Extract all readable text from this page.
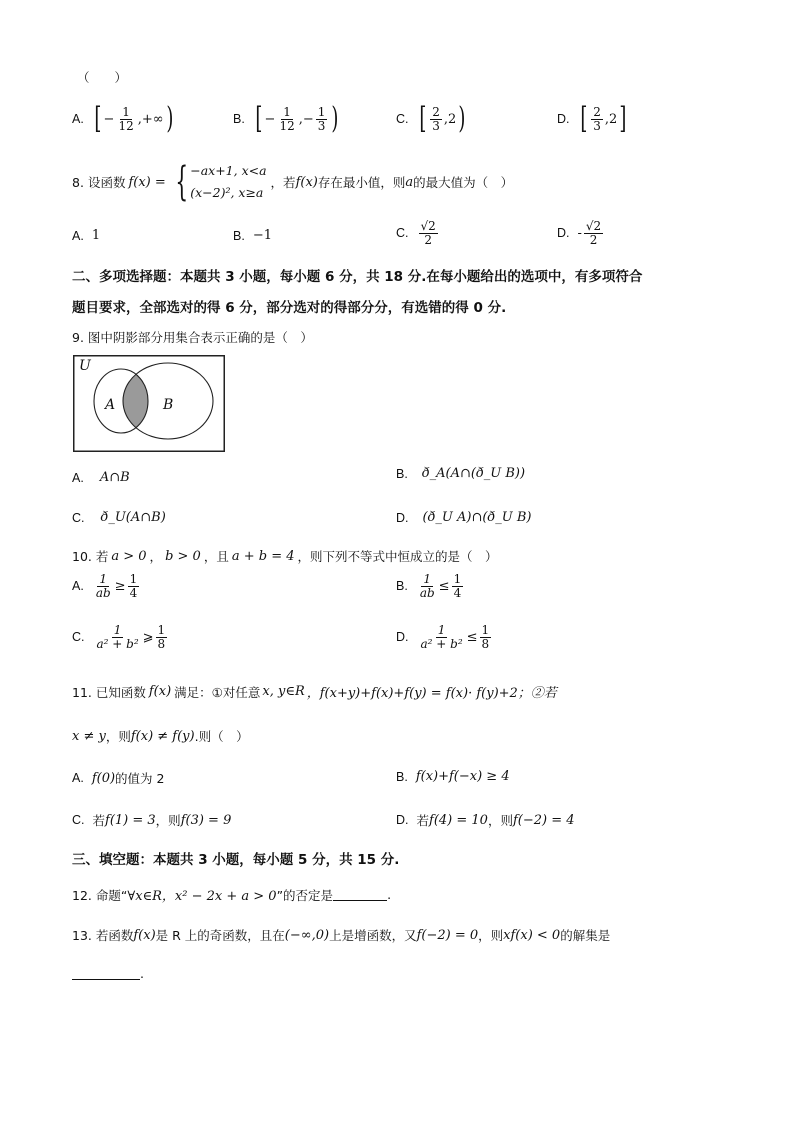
（　　）
A. [ − $\frac{1}{12}$ ,+∞ )	B. [ − $\frac{1}{12}$ ,− $\frac{1}{3}$ )	C. [ $\frac{2}{3} ,2$ )	D. [ $\frac{2}{3} ,2$ ]
8. 设函数 f(x) = { −ax+1, x<a
(x−2)², x≥a
，若 f(x) 存在最小值，则 a 的最大值为（　）
A. 1	B. −1	C. $\frac{√2}{2}$	D. - $\frac{√2}{2}$
二、多项选择题：本题共 3 小题，每小题 6 分，共 18 分.在每小题给出的选项中，有多项符合
题目要求，全部选对的得 6 分，部分选对的得部分分，有选错的得 0 分.
9. 图中阴影部分用集合表示正确的是（　）
U
A	B
A. A∩B	B. ð_A(A∩(ð_U B))
C. ð_U(A∩B)	D. (ð_U A)∩(ð_U B)
10. 若 a > 0 ， b > 0 ，且 a + b = 4 ，则下列不等式中恒成立的是（　）
A. $\frac{1}{ab} \ge \frac{1}{4}$	B. $\frac{1}{ab} \le \frac{1}{4}$
C. $\frac{1}{\text{a² + b²}}$ ⩾ $\frac{1}{8}$	D. $\frac{1}{\text{a² + b²}} \le \frac{1}{8}$
11. 已知函数 f(x) 满足：①对任意 x, y∈R ，f(x+y)+f(x)+f(y) = f(x)· f(y)+2；②若
x ≠ y ，则 f(x) ≠ f(y) .则（　）
A. f(0) 的值为 2	B. f(x)+f(−x) ≥ 4
C. 若 f(1) = 3 ，则 f(3) = 9	D. 若 f(4) = 10 ，则 f(−2) = 4
三、填空题：本题共 3 小题，每小题 5 分，共 15 分.
12. 命题“ ∀x∈R，x² − 2x + a > 0 ”的否定是	.
13. 若函数 f(x) 是 R 上的奇函数，且在 (−∞,0) 上是增函数，又 f(−2) = 0 ，则 xf(x) < 0 的解集是
.
